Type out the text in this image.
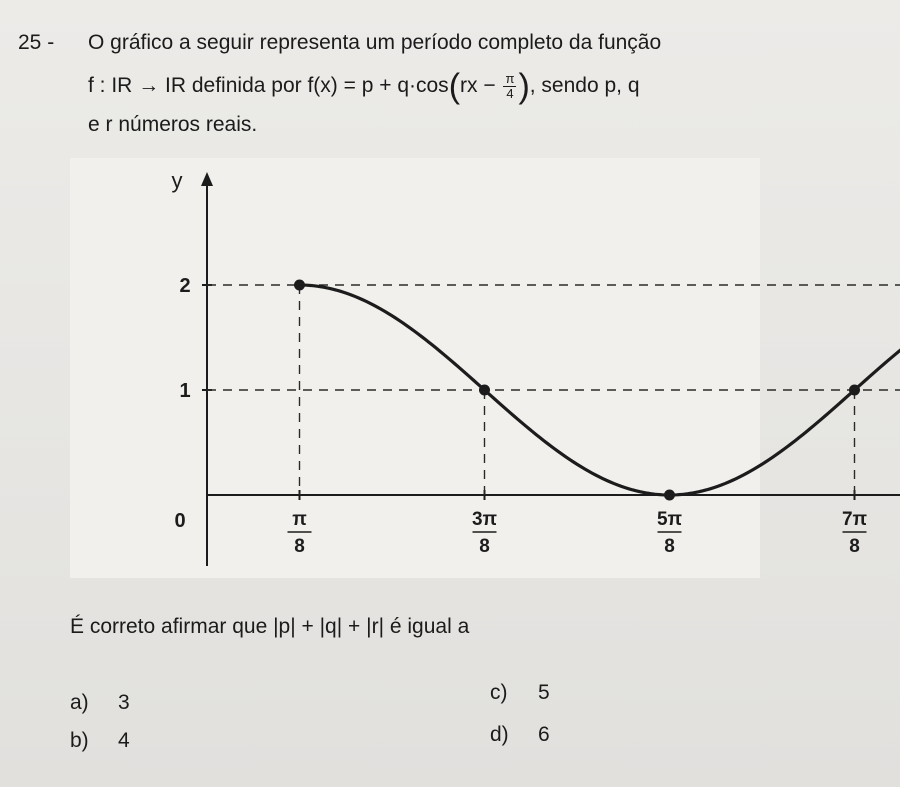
25 - O gráfico a seguir representa um período completo da função
f : IR → IR definida por $f(x) = p + q\cdot\cos(rx - \frac{\pi}{4}$ ), sendo p, q
e r números reais.
y
0
1
2
π
8
3π
8
5π
8
7π
8
É correto afirmar que |p| + |q| + |r| é igual a
a) 3
b) 4
c) 5
d) 6
